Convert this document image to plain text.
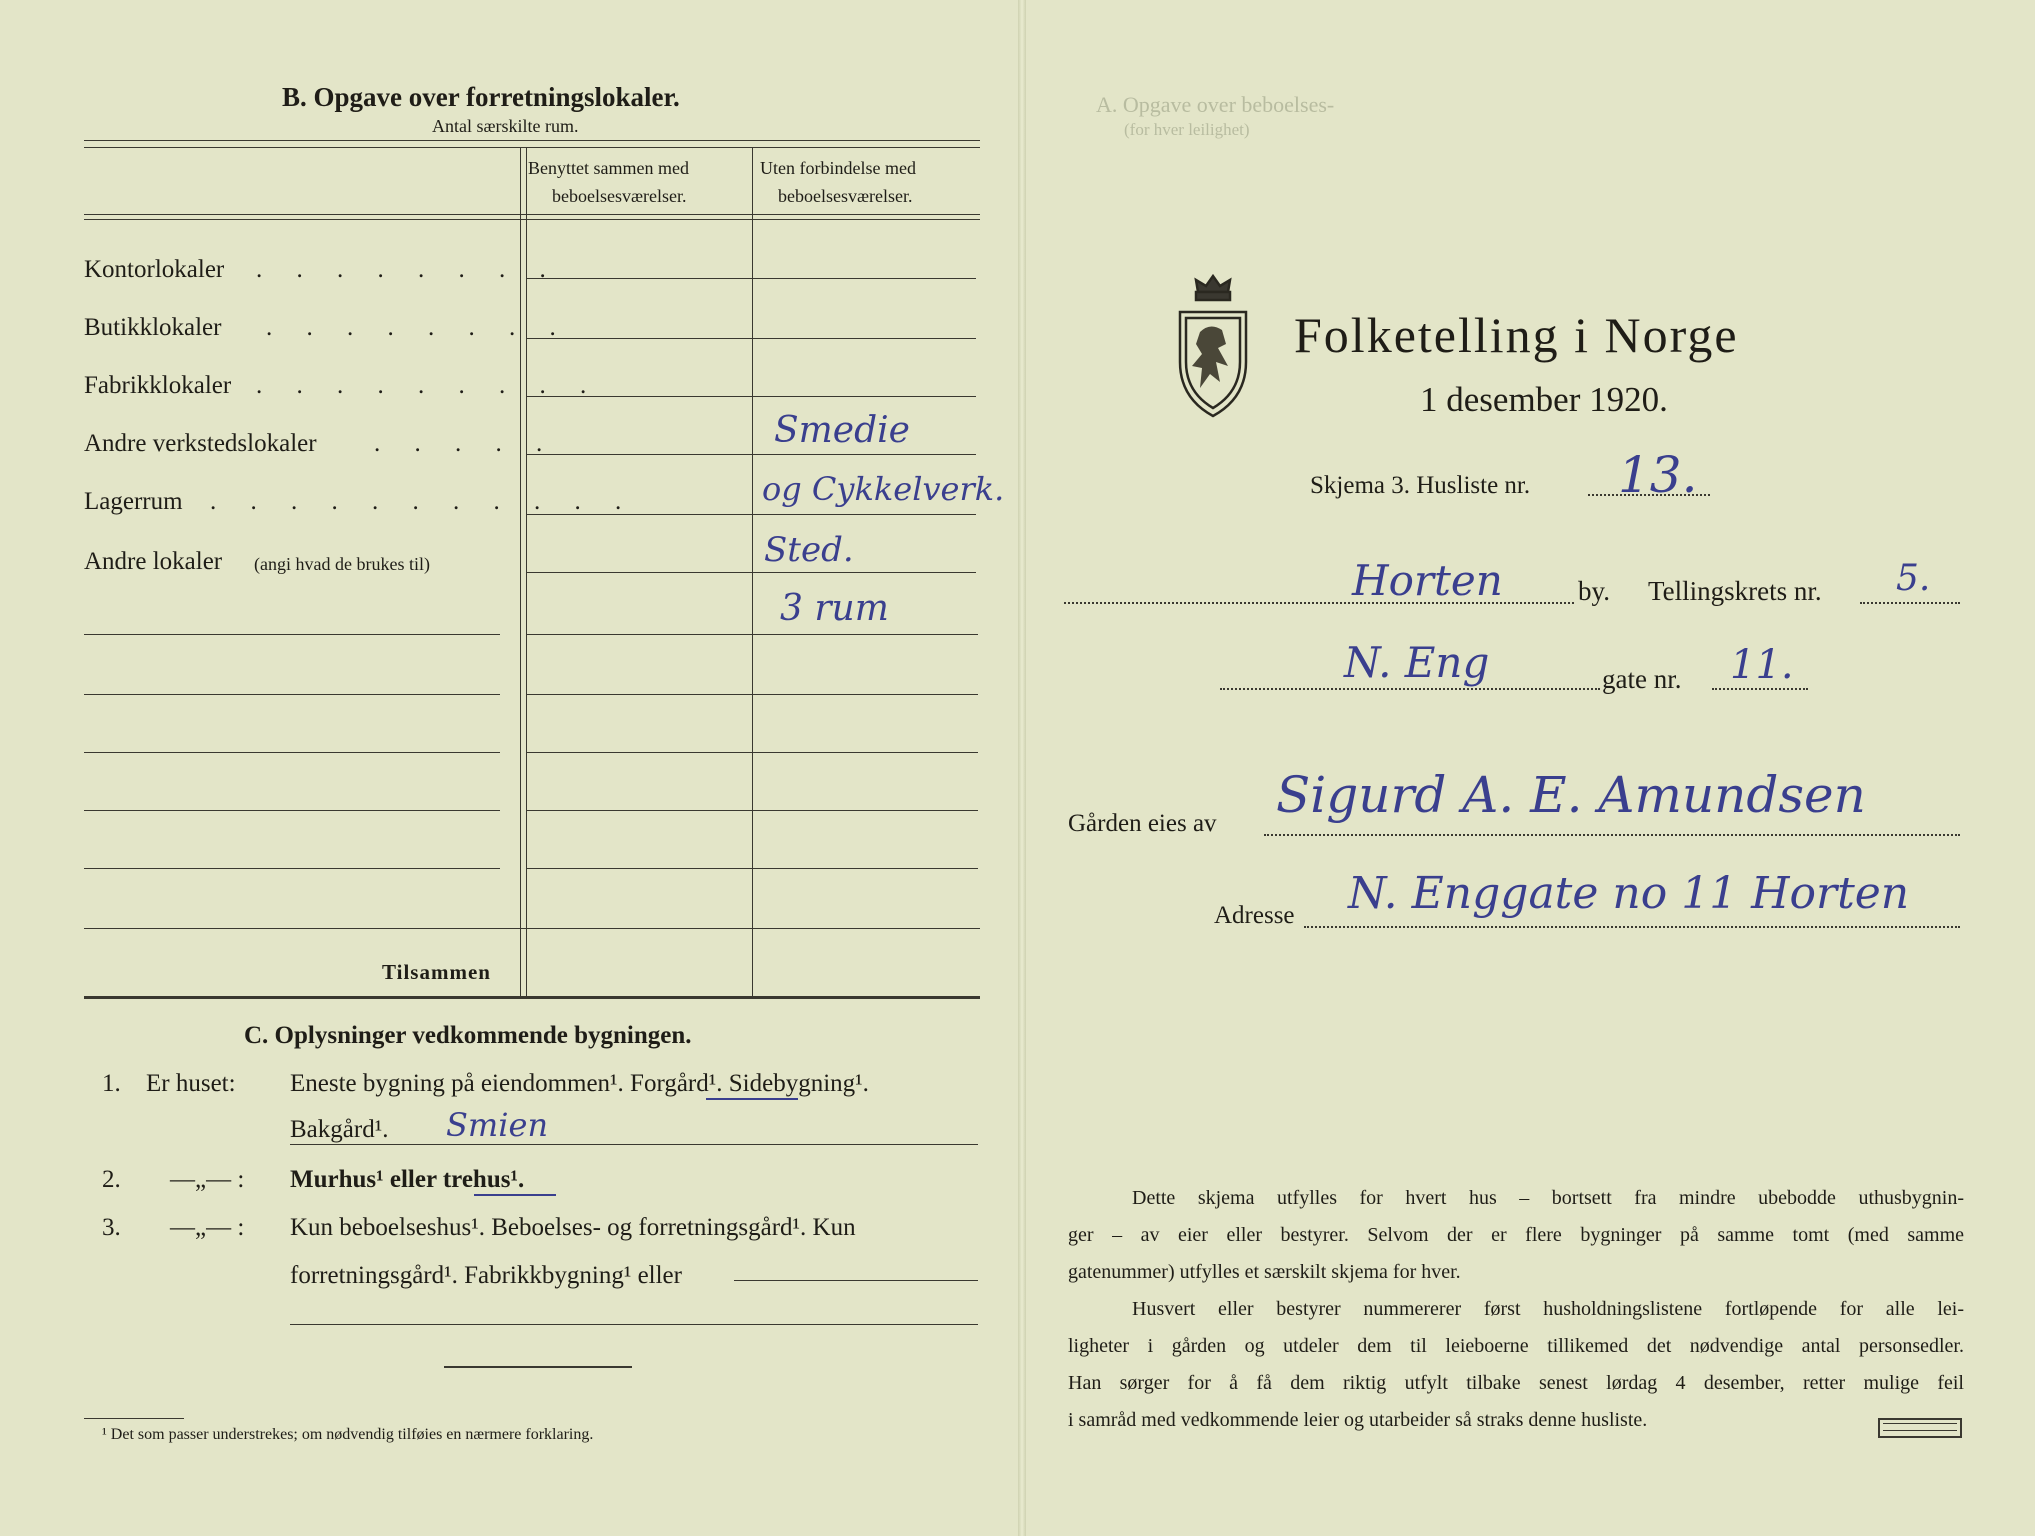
B. Opgave over forretningslokaler.
Antal særskilte rum.
Benyttet sammen med
beboelsesværelser.
Uten forbindelse med
beboelsesværelser.
Kontorlokaler . . . . . . . .
Butikklokaler . . . . . . . .
Fabrikklokaler . . . . . . . . .
Andre verkstedslokaler . . . . .
Lagerrum . . . . . . . . . . .
Andre lokaler (angi hvad de brukes til)
Smedie
og Cykkelverk.
Sted.
3 rum
Tilsammen
C. Oplysninger vedkommende bygningen.
1. Er huset: Eneste bygning på eiendommen¹. Forgård¹. Sidebygning¹.
Bakgård¹. Smien
2. —„— : Murhus¹ eller trehus¹.
3. —„— : Kun beboelseshus¹. Beboelses- og forretningsgård¹. Kun
forretningsgård¹. Fabrikkbygning¹ eller
¹ Det som passer understrekes; om nødvendig tilføies en nærmere forklaring.
A. Opgave over beboelses-
(for hver leilighet)
Folketelling i Norge
1 desember 1920.
Skjema 3. Husliste nr. 13.
Horten	by. Tellingskrets nr. 5.
N. Eng	gate nr. 11.
Gården eies av Sigurd A. E. Amundsen
Adresse N. Enggate no 11 Horten
Dette skjema utfylles for hvert hus – bortsett fra mindre ubebodde uthusbygnin-
ger – av eier eller bestyrer. Selvom der er flere bygninger på samme tomt (med samme
gatenummer) utfylles et særskilt skjema for hver.
Husvert eller bestyrer nummererer først husholdningslistene fortløpende for alle lei-
ligheter i gården og utdeler dem til leieboerne tillikemed det nødvendige antal personsedler.
Han sørger for å få dem riktig utfylt tilbake senest lørdag 4 desember, retter mulige feil
i samråd med vedkommende leier og utarbeider så straks denne husliste.
